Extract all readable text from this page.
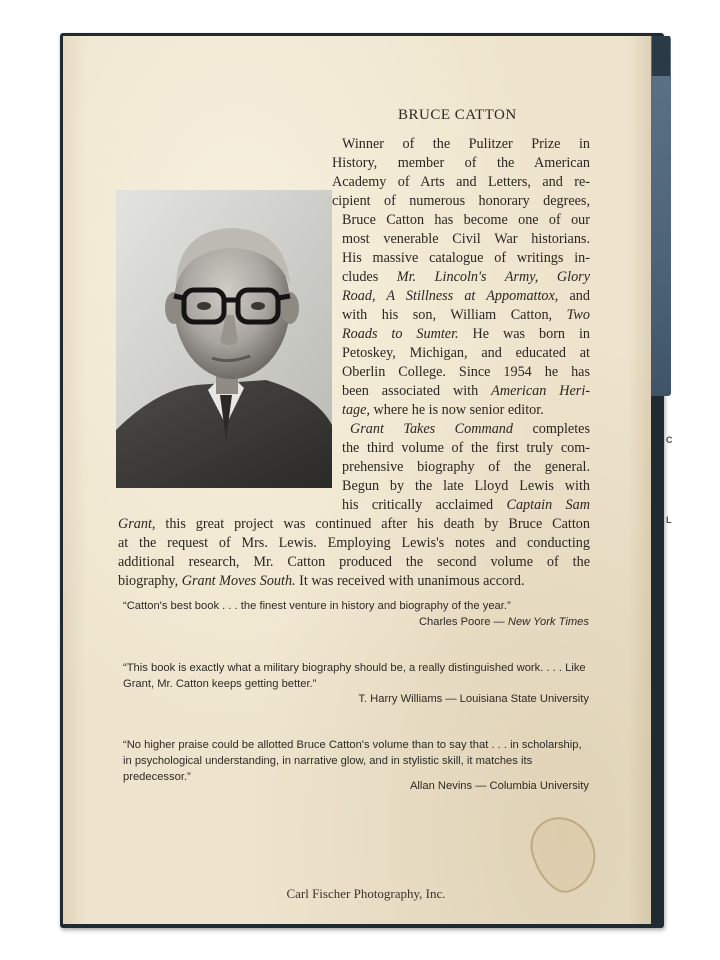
C
L
BRUCE CATTON
Winner of the Pulitzer Prize in
History, member of the American
Academy of Arts and Letters, and re-
cipient of numerous honorary degrees,
Bruce Catton has become one of our
most venerable Civil War historians.
His massive catalogue of writings in-
cludes Mr. Lincoln's Army, Glory
Road, A Stillness at Appomattox, and
with his son, William Catton, Two
Roads to Sumter. He was born in
Petoskey, Michigan, and educated at
Oberlin College. Since 1954 he has
been associated with American Heri-
tage, where he is now senior editor.
Grant Takes Command completes
the third volume of the first truly com-
prehensive biography of the general.
Begun by the late Lloyd Lewis with
his critically acclaimed Captain Sam
Grant, this great project was continued after his death by Bruce Catton
at the request of Mrs. Lewis. Employing Lewis's notes and conducting
additional research, Mr. Catton produced the second volume of the
biography, Grant Moves South. It was received with unanimous accord.
“Catton's best book . . . the finest venture in history and biography of the year.”
Charles Poore — New York Times
“This book is exactly what a military biography should be, a really distinguished work. . . . Like Grant, Mr. Catton keeps getting better.”
T. Harry Williams — Louisiana State University
“No higher praise could be allotted Bruce Catton's volume than to say that . . . in scholarship, in psychological understanding, in narrative glow, and in stylistic skill, it matches its predecessor.”
Allan Nevins — Columbia University
Carl Fischer Photography, Inc.
